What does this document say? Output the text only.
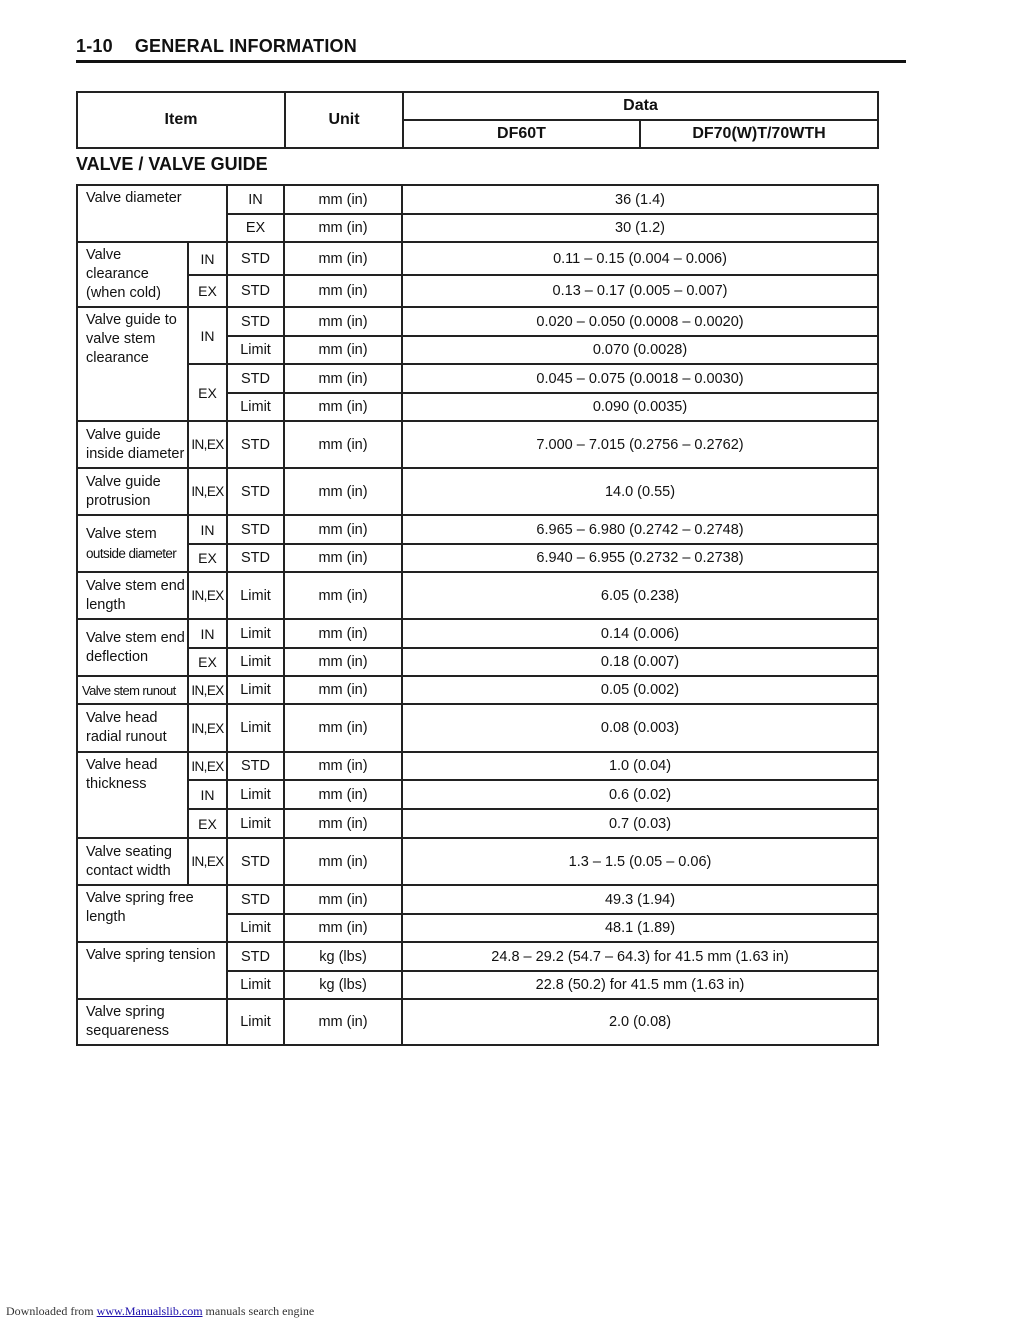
1-10 GENERAL INFORMATION
Item	Unit	Data	
		DF60T	DF70(W)T/70WTH
VALVE / VALVE GUIDE
Valve diameter		IN	mm (in)	36 (1.4)
		EX	mm (in)	30 (1.2)
Valve clearance (when cold)	IN	STD	mm (in)	0.11 – 0.15 (0.004 – 0.006)
	EX	STD	mm (in)	0.13 – 0.17 (0.005 – 0.007)
Valve guide to valve stem clearance	IN	STD	mm (in)	0.020 – 0.050 (0.0008 – 0.0020)
		Limit	mm (in)	0.070 (0.0028)
	EX	STD	mm (in)	0.045 – 0.075 (0.0018 – 0.0030)
		Limit	mm (in)	0.090 (0.0035)
Valve guide inside diameter	IN,EX	STD	mm (in)	7.000 – 7.015 (0.2756 – 0.2762)
Valve guide protrusion	IN,EX	STD	mm (in)	14.0 (0.55)

Valve stem
outside diameter	IN	STD	mm (in)	6.965 – 6.980 (0.2742 – 0.2748)
	EX	STD	mm (in)	6.940 – 6.955 (0.2732 – 0.2738)
Valve stem end length	IN,EX	Limit	mm (in)	6.05 (0.238)
Valve stem end deflection	IN	Limit	mm (in)	0.14 (0.006)
	EX	Limit	mm (in)	0.18 (0.007)
Valve stem runout	IN,EX	Limit	mm (in)	0.05 (0.002)
Valve head radial runout	IN,EX	Limit	mm (in)	0.08 (0.003)
Valve head thickness	IN,EX	STD	mm (in)	1.0 (0.04)
	IN	Limit	mm (in)	0.6 (0.02)
	EX	Limit	mm (in)	0.7 (0.03)
Valve seating contact width	IN,EX	STD	mm (in)	1.3 – 1.5 (0.05 – 0.06)
Valve spring free length		STD	mm (in)	49.3 (1.94)
		Limit	mm (in)	48.1 (1.89)
Valve spring tension		STD	kg (lbs)	24.8 – 29.2 (54.7 – 64.3) for 41.5 mm (1.63 in)
		Limit	kg (lbs)	22.8 (50.2) for 41.5 mm (1.63 in)
Valve spring sequareness		Limit	mm (in)	2.0 (0.08)
Downloaded from www.Manualslib.com manuals search engine
